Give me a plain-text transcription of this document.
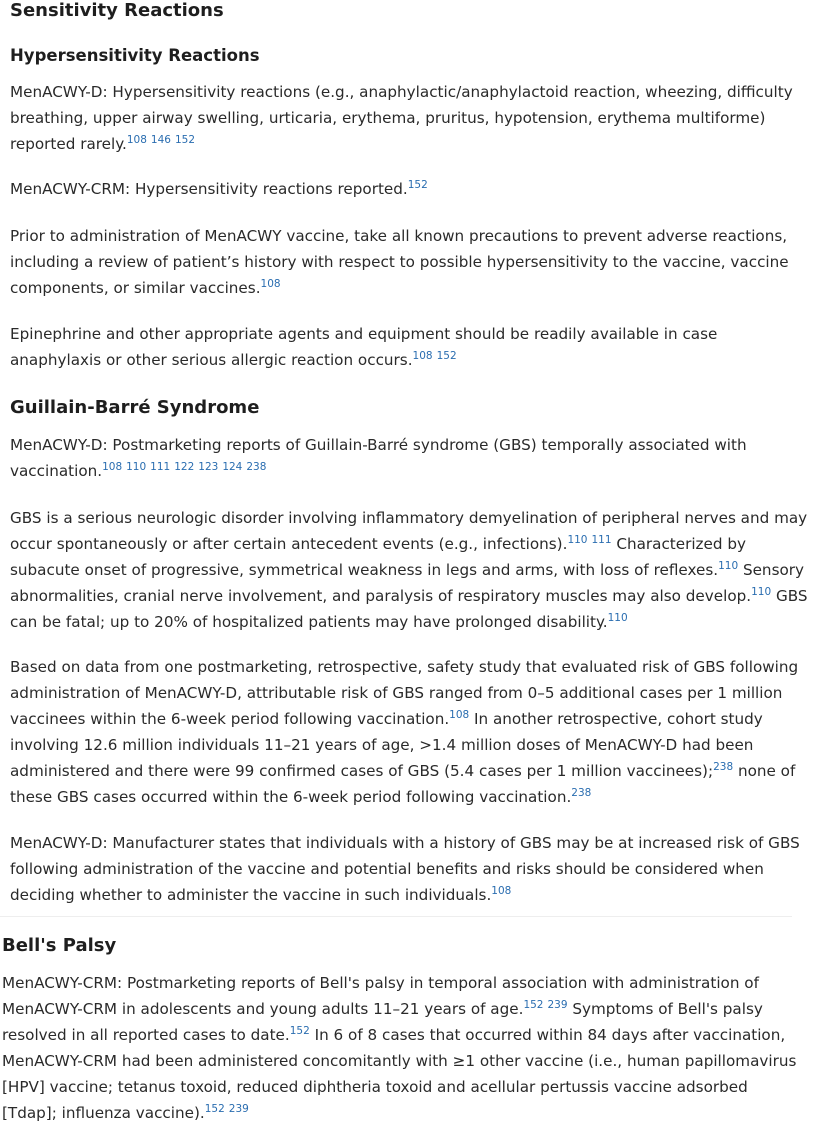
Sensitivity Reactions
Hypersensitivity Reactions

MenACWY-D: Hypersensitivity reactions (e.g., anaphylactic/anaphylactoid reaction, wheezing, difficulty breathing, upper airway swelling, urticaria, erythema, pruritus, hypotension, erythema multiforme) reported rarely.$^{108 146 152}$

MenACWY-CRM: Hypersensitivity reactions reported.$^{152}$

Prior to administration of MenACWY vaccine, take all known precautions to prevent adverse reactions, including a review of patient’s history with respect to possible hypersensitivity to the vaccine, vaccine components, or similar vaccines.$^{108}$

Epinephrine and other appropriate agents and equipment should be readily available in case anaphylaxis or other serious allergic reaction occurs.$^{108 152}$

Guillain-Barré Syndrome

MenACWY-D: Postmarketing reports of Guillain-Barré syndrome (GBS) temporally associated with vaccination.$^{108 110 111 122 123 124 238}$

GBS is a serious neurologic disorder involving inflammatory demyelination of peripheral nerves and may occur spontaneously or after certain antecedent events (e.g., infections).$^{110 111}$ Characterized by subacute onset of progressive, symmetrical weakness in legs and arms, with loss of reflexes.$^{110}$ Sensory abnormalities, cranial nerve involvement, and paralysis of respiratory muscles may also develop.$^{110}$ GBS can be fatal; up to 20% of hospitalized patients may have prolonged disability.$^{110}$

Based on data from one postmarketing, retrospective, safety study that evaluated risk of GBS following administration of MenACWY-D, attributable risk of GBS ranged from 0–5 additional cases per 1 million vaccinees within the 6-week period following vaccination.$^{108}$ In another retrospective, cohort study involving 12.6 million individuals 11–21 years of age, >1.4 million doses of MenACWY-D had been administered and there were 99 confirmed cases of GBS (5.4 cases per 1 million vaccinees);$^{238}$ none of these GBS cases occurred within the 6-week period following vaccination.$^{238}$

MenACWY-D: Manufacturer states that individuals with a history of GBS may be at increased risk of GBS following administration of the vaccine and potential benefits and risks should be considered when deciding whether to administer the vaccine in such individuals.$^{108}$

Bell's Palsy

MenACWY-CRM: Postmarketing reports of Bell's palsy in temporal association with administration of MenACWY-CRM in adolescents and young adults 11–21 years of age.$^{152 239}$ Symptoms of Bell's palsy resolved in all reported cases to date.$^{152}$ In 6 of 8 cases that occurred within 84 days after vaccination, MenACWY-CRM had been administered concomitantly with ≥1 other vaccine (i.e., human papillomavirus [HPV] vaccine; tetanus toxoid, reduced diphtheria toxoid and acellular pertussis vaccine adsorbed [Tdap]; influenza vaccine).$^{152 239}$
